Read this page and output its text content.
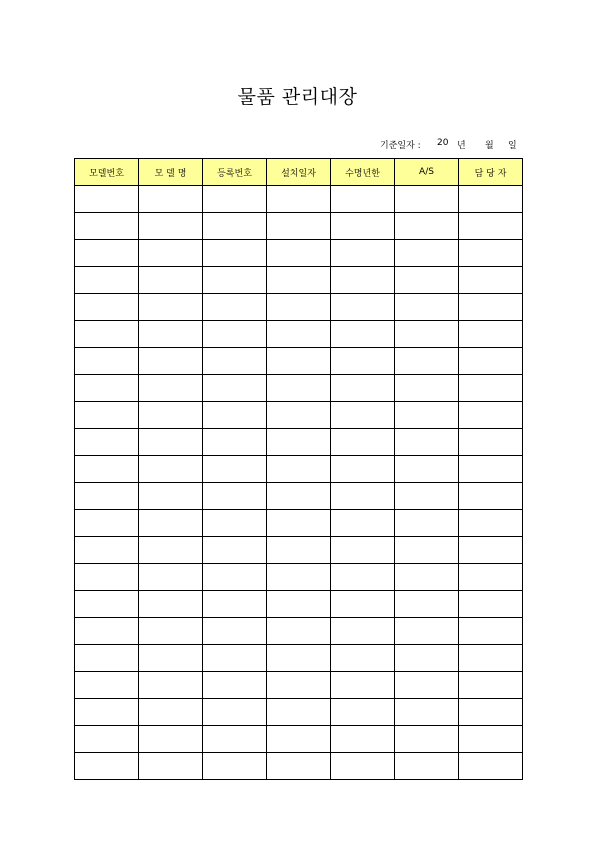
물품 관리대장
기준일자 : 20 년 월 일
모델번호	모 델 명	등록번호	설치일자	수명년한	A/S	담 당 자
